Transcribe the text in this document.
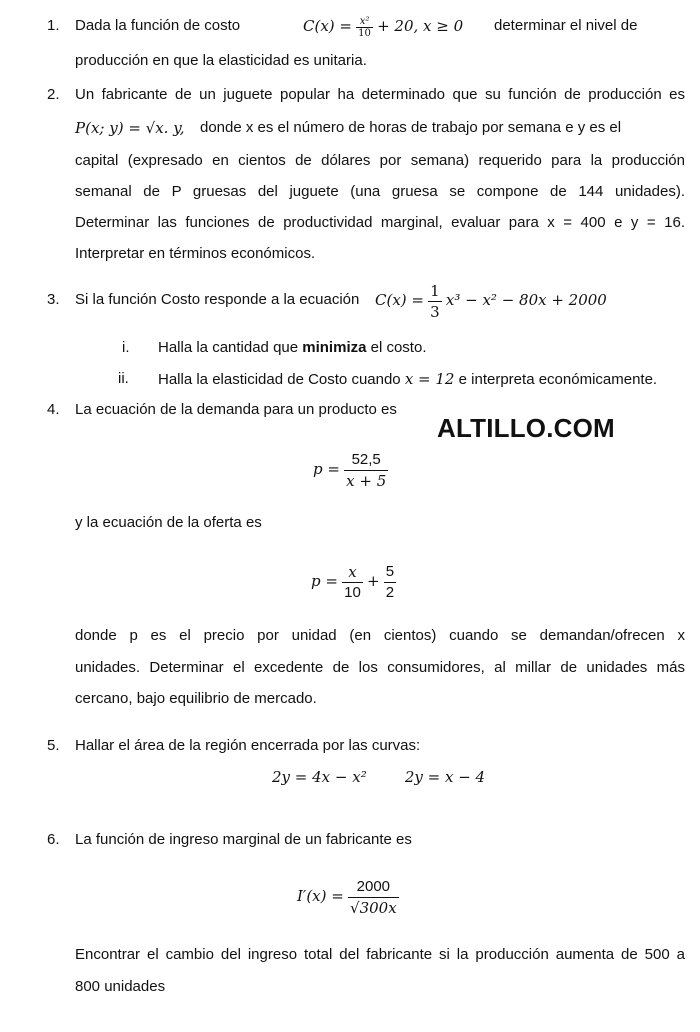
1.	Dada la función de costo	$C(x) = \frac{\text{x²}}{10} + 20$, x ≥ 0 determinar el nivel de
producción en que la elasticidad es unitaria.
2.	Un fabricante de un juguete popular ha determinado que su función de producción es
P(x; y) = √x. y, donde x es el número de horas de trabajo por semana e y es el
capital (expresado en cientos de dólares por semana) requerido para la producción
semanal de P gruesas del juguete (una gruesa se compone de 144 unidades).
Determinar las funciones de productividad marginal, evaluar para x = 400 e y = 16.
Interpretar en términos económicos.
3.	Si la función Costo responde a la ecuación $C(x) = \frac{1}{3} x^3 - x^2 - 80x + 2000$
i. Halla la cantidad que minimiza el costo.
ii. Halla la elasticidad de Costo cuando x = 12 e interpreta económicamente.
4.	La ecuación de la demanda para un producto es
ALTILLO.COM
$p = \frac{52,5}{x + 5}$
y la ecuación de la oferta es
$p = \frac{x}{10} + \frac{5}{2}$
donde p es el precio por unidad (en cientos) cuando se demandan/ofrecen x
unidades. Determinar el excedente de los consumidores, al millar de unidades más
cercano, bajo equilibrio de mercado.
5.	Hallar el área de la región encerrada por las curvas:
2y = 4x − x²        2y = x − 4
6.	La función de ingreso marginal de un fabricante es
$I'(x) = \frac{2000}{√300x}$
Encontrar el cambio del ingreso total del fabricante si la producción aumenta de 500 a
800 unidades
